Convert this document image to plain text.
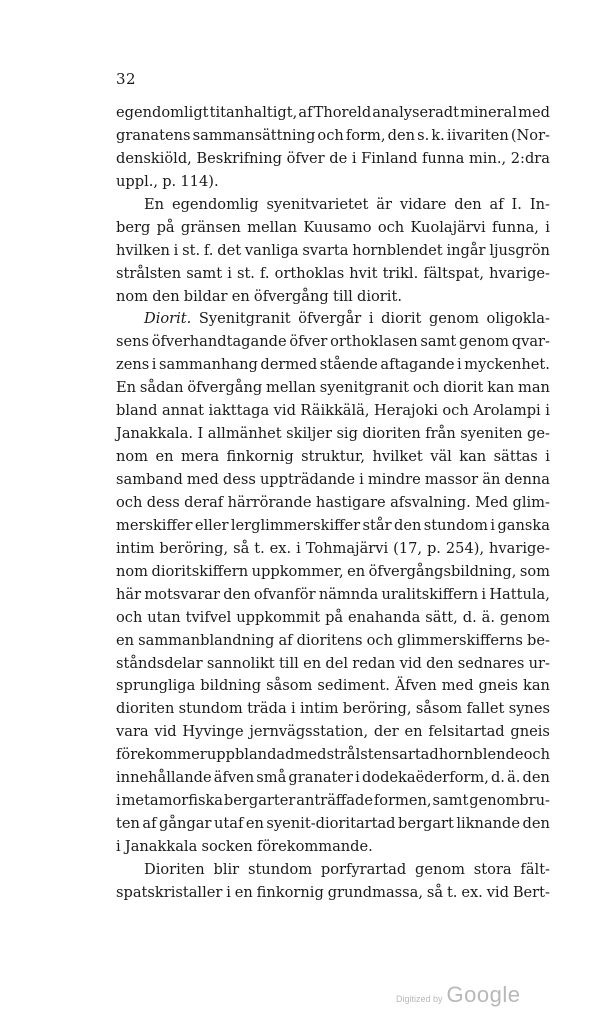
32
egendomligt titanhaltigt, af Thoreld analyseradt mineral med
granatens sammansättning och form, den s. k. iivariten (Nor-
denskiöld, Beskrifning öfver de i Finland funna min., 2:dra
uppl., p. 114).
En egendomlig syenitvarietet är vidare den af I. In-
berg på gränsen mellan Kuusamo och Kuolajärvi funna, i
hvilken i st. f. det vanliga svarta hornblendet ingår ljusgrön
strålsten samt i st. f. orthoklas hvit trikl. fältspat, hvarige-
nom den bildar en öfvergång till diorit.
Diorit. Syenitgranit öfvergår i diorit genom oligokla-
sens öfverhandtagande öfver orthoklasen samt genom qvar-
zens i sammanhang dermed stående aftagande i myckenhet.
En sådan öfvergång mellan syenitgranit och diorit kan man
bland annat iakttaga vid Räikkälä, Herajoki och Arolampi i
Janakkala. I allmänhet skiljer sig dioriten från syeniten ge-
nom en mera finkornig struktur, hvilket väl kan sättas i
samband med dess uppträdande i mindre massor än denna
och dess deraf härrörande hastigare afsvalning. Med glim-
merskiffer eller lerglimmerskiffer står den stundom i ganska
intim beröring, så t. ex. i Tohmajärvi (17, p. 254), hvarige-
nom dioritskiffern uppkommer, en öfvergångsbildning, som
här motsvarar den ofvanför nämnda uralitskiffern i Hattula,
och utan tvifvel uppkommit på enahanda sätt, d. ä. genom
en sammanblandning af dioritens och glimmerskifferns be-
ståndsdelar sannolikt till en del redan vid den sednares ur-
sprungliga bildning såsom sediment. Äfven med gneis kan
dioriten stundom träda i intim beröring, såsom fallet synes
vara vid Hyvinge jernvägsstation, der en felsitartad gneis
förekommer uppblandad med strålstensartad hornblende och
innehållande äfven små granater i dodekaëderform, d. ä. den
i metamorfiska bergarter anträffade formen, samt genombru-
ten af gångar utaf en syenit-dioritartad bergart liknande den
i Janakkala socken förekommande.
Dioriten blir stundom porfyrartad genom stora fält-
spatskristaller i en finkornig grundmassa, så t. ex. vid Bert-
Digitized by Google
